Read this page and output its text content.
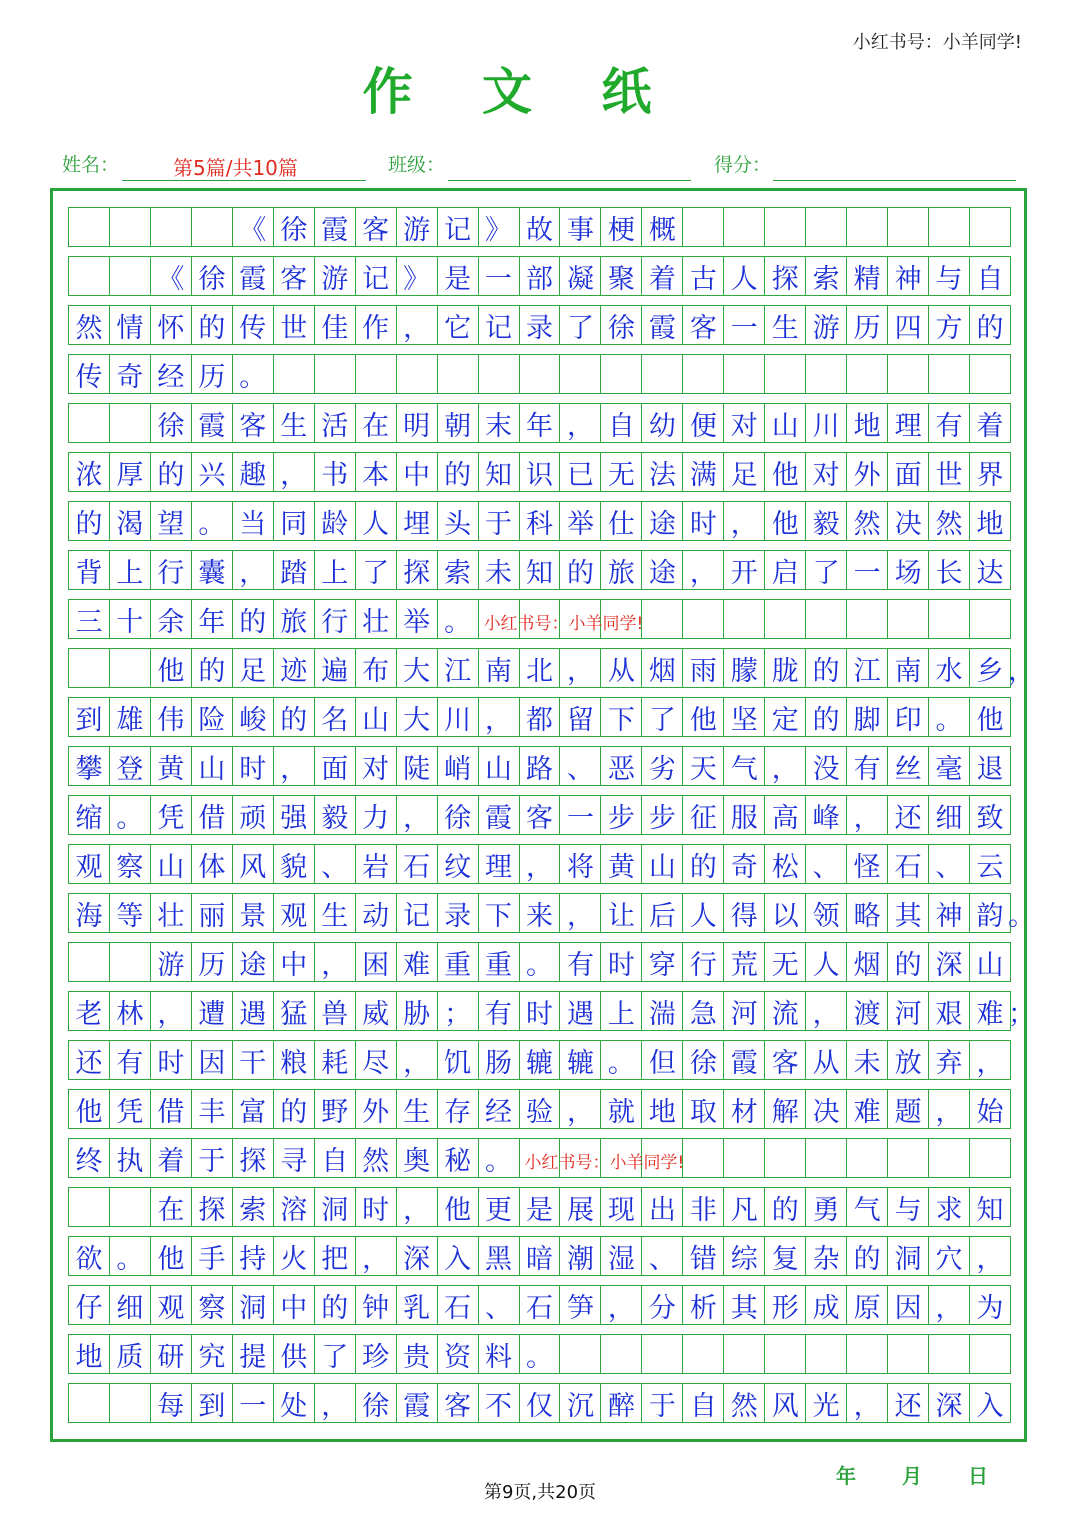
小红书号：小羊同学!
作 文 纸
姓名：	第5篇/共10篇	班级：	得分：
《 徐 霞 客 游 记 》 故 事 梗 概
《 徐 霞 客 游 记 》 是 一 部 凝 聚 着 古 人 探 索 精 神 与 自
然 情 怀 的 传 世 佳 作 ， 它 记 录 了 徐 霞 客 一 生 游 历 四 方 的
传 奇 经 历 。
徐 霞 客 生 活 在 明 朝 末 年 ， 自 幼 便 对 山 川 地 理 有 着
浓 厚 的 兴 趣 ， 书 本 中 的 知 识 已 无 法 满 足 他 对 外 面 世 界
的 渴 望 。 当 同 龄 人 埋 头 于 科 举 仕 途 时 ， 他 毅 然 决 然 地
背 上 行 囊 ， 踏 上 了 探 索 未 知 的 旅 途 ， 开 启 了 一 场 长 达
三 十 余 年 的 旅 行 壮 举 。
他 的 足 迹 遍 布 大 江 南 北 ， 从 烟 雨 朦 胧 的 江 南 水 乡 ，
到 雄 伟 险 峻 的 名 山 大 川 ， 都 留 下 了 他 坚 定 的 脚 印 。 他
攀 登 黄 山 时 ， 面 对 陡 峭 山 路 、 恶 劣 天 气 ， 没 有 丝 毫 退
缩 。 凭 借 顽 强 毅 力 ， 徐 霞 客 一 步 步 征 服 高 峰 ， 还 细 致
观 察 山 体 风 貌 、 岩 石 纹 理 ， 将 黄 山 的 奇 松 、 怪 石 、 云
海 等 壮 丽 景 观 生 动 记 录 下 来 ， 让 后 人 得 以 领 略 其 神 韵 。
游 历 途 中 ， 困 难 重 重 。 有 时 穿 行 荒 无 人 烟 的 深 山
老 林 ， 遭 遇 猛 兽 威 胁 ； 有 时 遇 上 湍 急 河 流 ， 渡 河 艰 难 ；
还 有 时 因 干 粮 耗 尽 ， 饥 肠 辘 辘 。 但 徐 霞 客 从 未 放 弃 ，
他 凭 借 丰 富 的 野 外 生 存 经 验 ， 就 地 取 材 解 决 难 题 ， 始
终 执 着 于 探 寻 自 然 奥 秘 。
在 探 索 溶 洞 时 ， 他 更 是 展 现 出 非 凡 的 勇 气 与 求 知
欲 。 他 手 持 火 把 ， 深 入 黑 暗 潮 湿 、 错 综 复 杂 的 洞 穴 ，
仔 细 观 察 洞 中 的 钟 乳 石 、 石 笋 ， 分 析 其 形 成 原 因 ， 为
地 质 研 究 提 供 了 珍 贵 资 料 。
每 到 一 处 ， 徐 霞 客 不 仅 沉 醉 于 自 然 风 光 ， 还 深 入
年 月 日
第9页,共20页
小红书号：小羊同学!
小红书号：小羊同学!
